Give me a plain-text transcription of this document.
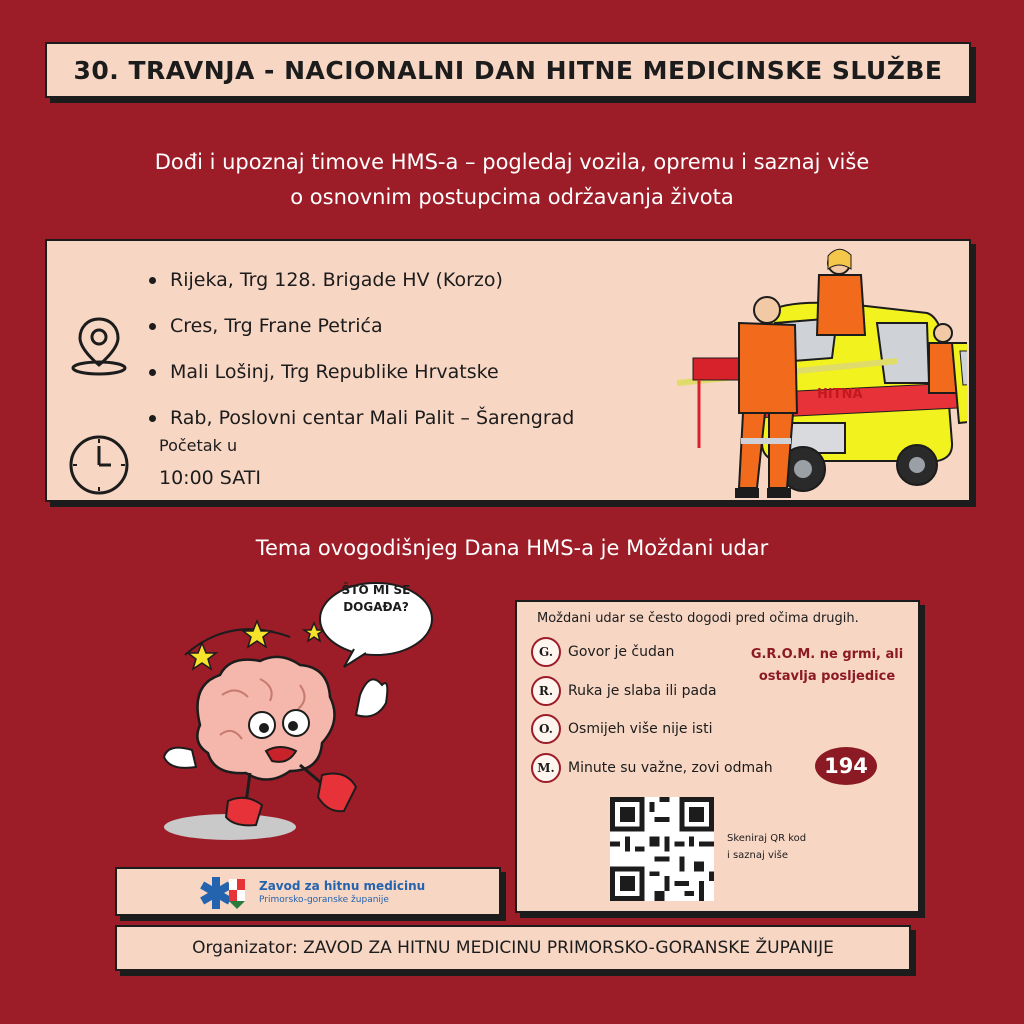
30. TRAVNJA - NACIONALNI DAN HITNE MEDICINSKE SLUŽBE
Dođi i upoznaj timove HMS-a – pogledaj vozila, opremu i saznaj više
o osnovnim postupcima održavanja života
Rijeka, Trg 128. Brigade HV (Korzo)
Cres, Trg Frane Petrića
Mali Lošinj, Trg Republike Hrvatske
Rab, Poslovni centar Mali Palit – Šarengrad
Početak u
10:00 SATI
HITNA
Tema ovogodišnjeg Dana HMS-a je Moždani udar
ŠTO MI SE
DOGAĐA?
Moždani udar se često dogodi pred očima drugih.
G.	Govor je čudan
R.	Ruka je slaba ili pada
O.	Osmijeh više nije isti
M. Minute su važne, zovi odmah
G.R.O.M. ne grmi, ali
ostavlja posljedice
194
Skeniraj QR kod
i saznaj više
Zavod za hitnu medicinu
Primorsko-goranske županije
Organizator: ZAVOD ZA HITNU MEDICINU PRIMORSKO-GORANSKE ŽUPANIJE
